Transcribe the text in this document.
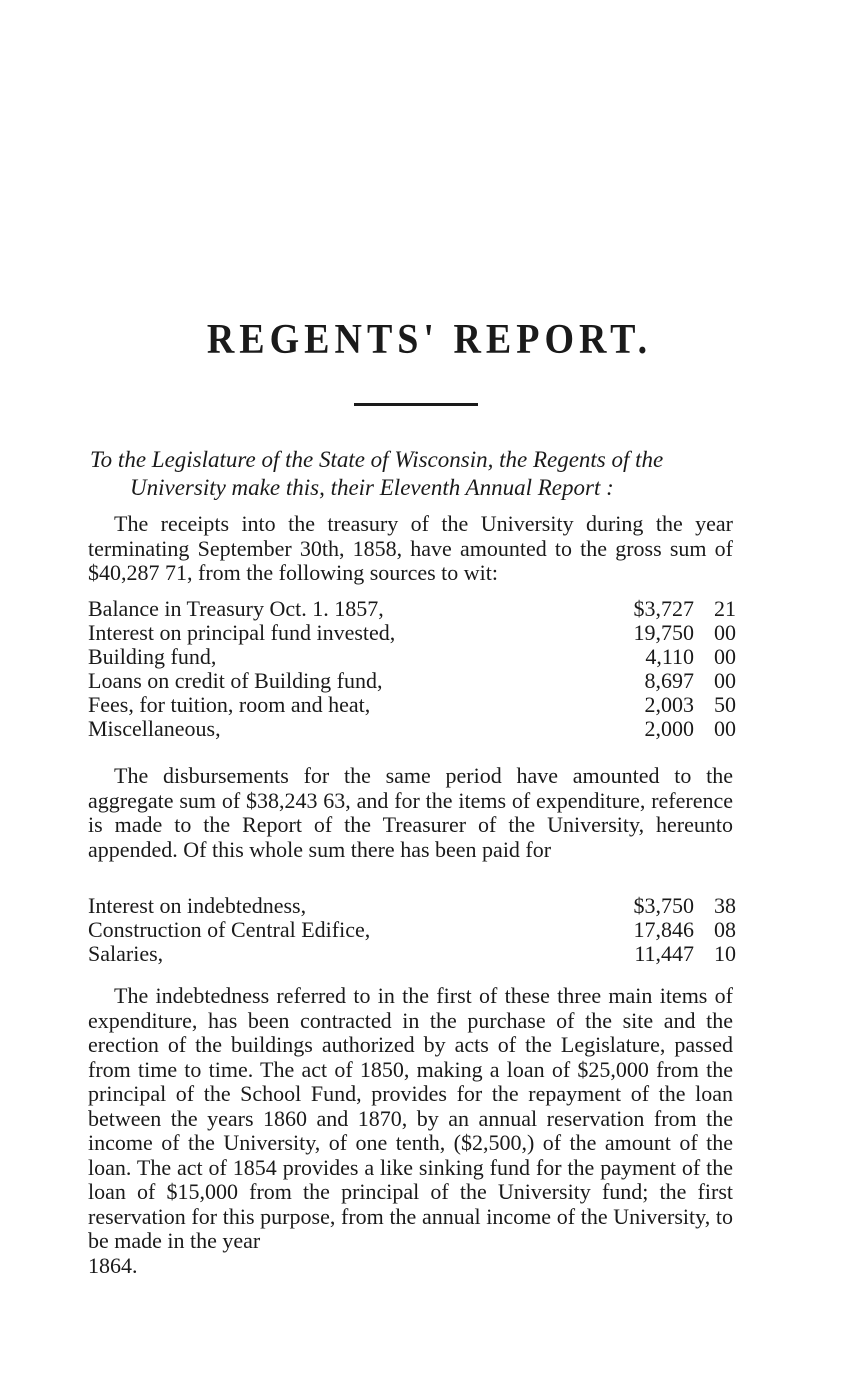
REGENTS' REPORT.
To the Legislature of the State of Wisconsin, the Regents of the
University make this, their Eleventh Annual Report :
The receipts into the treasury of the University during the year terminating September 30th, 1858, have amounted to the gross sum of $40,287 71, from the following sources to wit:
Balance in Treasury Oct. 1. 1857,	$3,727	21
Interest on principal fund invested,	19,750	00
Building fund,	4,110	00
Loans on credit of Building fund,	8,697	00
Fees, for tuition, room and heat,	2,003	50
Miscellaneous,	2,000	00
The disbursements for the same period have amounted to the aggregate sum of $38,243 63, and for the items of expenditure, reference is made to the Report of the Treasurer of the University, hereunto appended. Of this whole sum there has been paid for
Interest on indebtedness,	$3,750	38
Construction of Central Edifice,	17,846	08
Salaries,	11,447	10
The indebtedness referred to in the first of these three main items of expenditure, has been contracted in the purchase of the site and the erection of the buildings authorized by acts of the Legislature, passed from time to time. The act of 1850, making a loan of $25,000 from the principal of the School Fund, provides for the repayment of the loan between the years 1860 and 1870, by an annual reservation from the income of the University, of one tenth, ($2,500,) of the amount of the loan. The act of 1854 provides a like sinking fund for the payment of the loan of $15,000 from the principal of the University fund; the first reservation for this purpose, from the annual income of the University, to be made in the year
1864.
